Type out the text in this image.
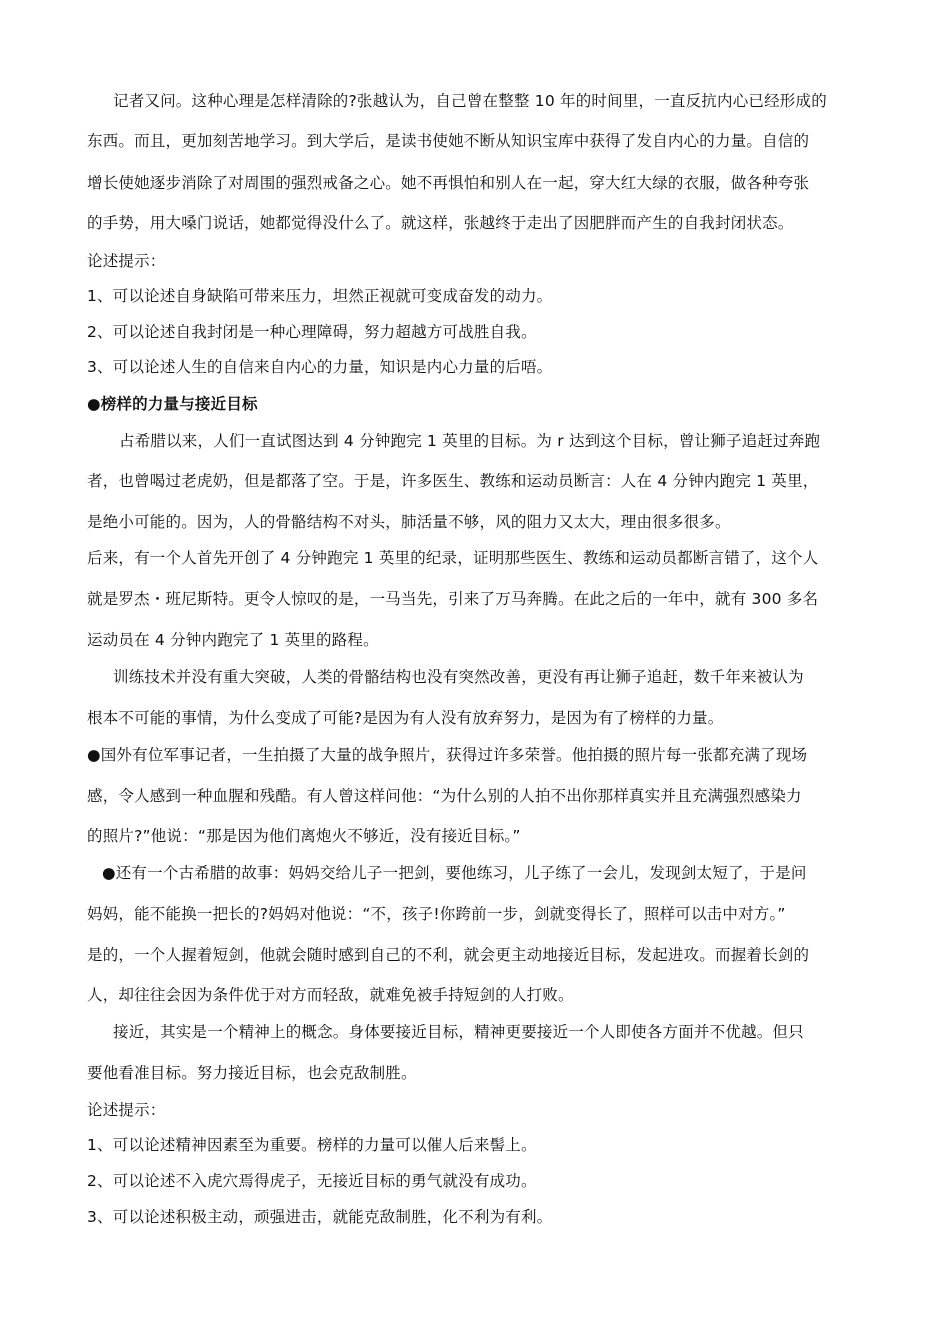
记者又问。这种心理是怎样清除的?张越认为，自己曾在整整 10 年的时间里，一直反抗内心已经形成的
东西。而且，更加刻苦地学习。到大学后，是读书使她不断从知识宝库中获得了发自内心的力量。自信的
增长使她逐步消除了对周围的强烈戒备之心。她不再惧怕和别人在一起，穿大红大绿的衣服，做各种夸张
的手势，用大嗓门说话，她都觉得没什么了。就这样，张越终于走出了因肥胖而产生的自我封闭状态。
论述提示：
1、可以论述自身缺陷可带来压力，坦然正视就可变成奋发的动力。
2、可以论述自我封闭是一种心理障碍，努力超越方可战胜自我。
3、可以论述人生的自信来自内心的力量，知识是内心力量的后唔。
●榜样的力量与接近目标
占希腊以来，人们一直试图达到 4 分钟跑完 1 英里的目标。为 r 达到这个目标，曾让狮子追赶过奔跑
者，也曾喝过老虎奶，但是都落了空。于是，许多医生、教练和运动员断言：人在 4 分钟内跑完 1 英里，
是绝小可能的。因为，人的骨骼结构不对头，肺活量不够，风的阻力又太大，理由很多很多。
后来，有一个人首先开创了 4 分钟跑完 1 英里的纪录，证明那些医生、教练和运动员都断言错了，这个人
就是罗杰・班尼斯特。更令人惊叹的是，一马当先，引来了万马奔腾。在此之后的一年中，就有 300 多名
运动员在 4 分钟内跑完了 1 英里的路程。
训练技术并没有重大突破，人类的骨骼结构也没有突然改善，更没有再让狮子追赶，数千年来被认为
根本不可能的事情，为什么变成了可能?是因为有人没有放弃努力，是因为有了榜样的力量。
●国外有位军事记者，一生拍摄了大量的战争照片，获得过许多荣誉。他拍摄的照片每一张都充满了现场
感，令人感到一种血腥和残酷。有人曾这样问他：“为什么别的人拍不出你那样真实并且充满强烈感染力
的照片?”他说：“那是因为他们离炮火不够近，没有接近目标。”
●还有一个古希腊的故事：妈妈交给儿子一把剑，要他练习，儿子练了一会儿，发现剑太短了，于是问
妈妈，能不能换一把长的?妈妈对他说：“不，孩子!你跨前一步，剑就变得长了，照样可以击中对方。”
是的，一个人握着短剑，他就会随时感到自己的不利，就会更主动地接近目标，发起进攻。而握着长剑的
人，却往往会因为条件优于对方而轻敌，就难免被手持短剑的人打败。
接近，其实是一个精神上的概念。身体要接近目标，精神更要接近一个人即使各方面并不优越。但只
要他看准目标。努力接近目标，也会克敌制胜。
论述提示：
1、可以论述精神因素至为重要。榜样的力量可以催人后来髻上。
2、可以论述不入虎穴焉得虎子，无接近目标的勇气就没有成功。
3、可以论述积极主动，顽强进击，就能克敌制胜，化不利为有利。
